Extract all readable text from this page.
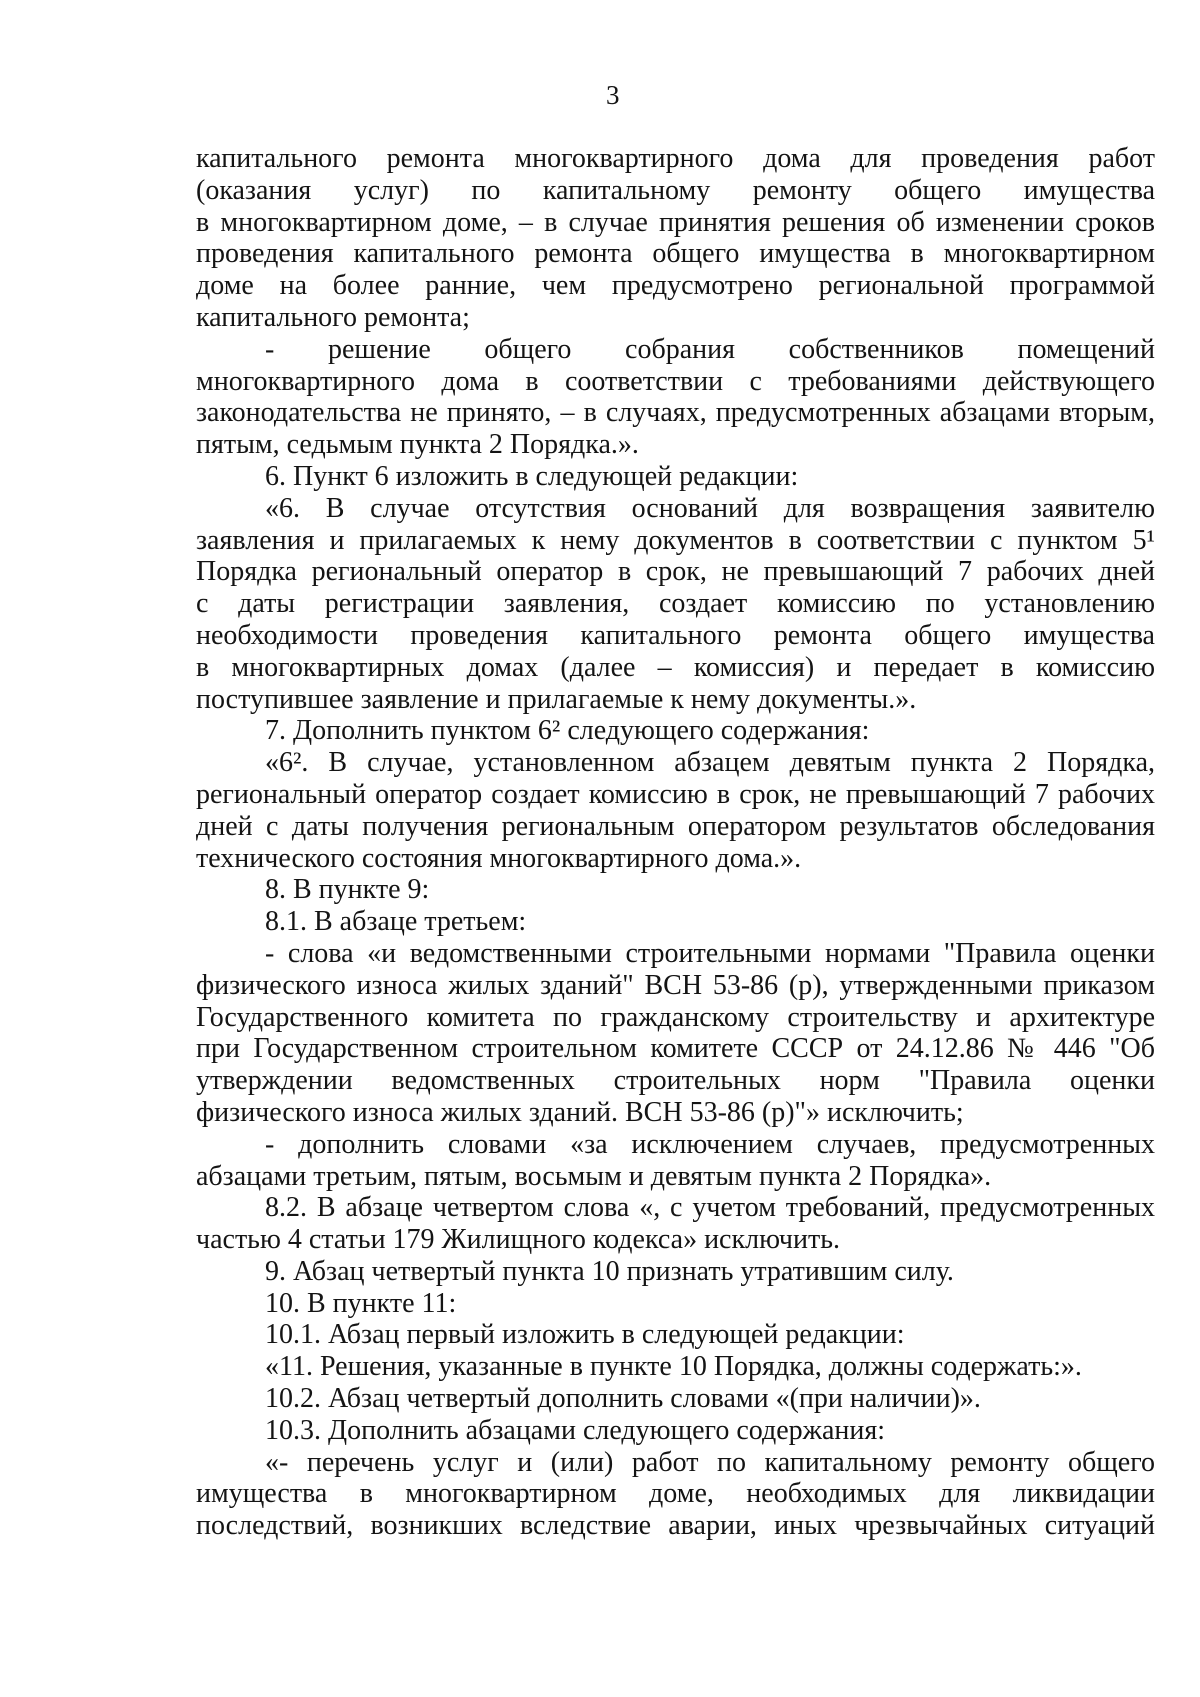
3
капитального ремонта многоквартирного дома для проведения работ
(оказания услуг) по капитальному ремонту общего имущества
в многоквартирном доме, – в случае принятия решения об изменении сроков
проведения капитального ремонта общего имущества в многоквартирном
доме на более ранние, чем предусмотрено региональной программой
капитального ремонта;
- решение общего собрания собственников помещений
многоквартирного дома в соответствии с требованиями действующего
законодательства не принято, – в случаях, предусмотренных абзацами вторым,
пятым, седьмым пункта 2 Порядка.».
6. Пункт 6 изложить в следующей редакции:
«6. В случае отсутствия оснований для возвращения заявителю
заявления и прилагаемых к нему документов в соответствии с пунктом 5¹
Порядка региональный оператор в срок, не превышающий 7 рабочих дней
с даты регистрации заявления, создает комиссию по установлению
необходимости проведения капитального ремонта общего имущества
в многоквартирных домах (далее – комиссия) и передает в комиссию
поступившее заявление и прилагаемые к нему документы.».
7. Дополнить пунктом 6² следующего содержания:
«6². В случае, установленном абзацем девятым пункта 2 Порядка,
региональный оператор создает комиссию в срок, не превышающий 7 рабочих
дней с даты получения региональным оператором результатов обследования
технического состояния многоквартирного дома.».
8. В пункте 9:
8.1. В абзаце третьем:
- слова «и ведомственными строительными нормами "Правила оценки
физического износа жилых зданий" ВСН 53-86 (р), утвержденными приказом
Государственного комитета по гражданскому строительству и архитектуре
при Государственном строительном комитете СССР от 24.12.86 № 446 "Об
утверждении ведомственных строительных норм "Правила оценки
физического износа жилых зданий. ВСН 53-86 (р)"» исключить;
- дополнить словами «за исключением случаев, предусмотренных
абзацами третьим, пятым, восьмым и девятым пункта 2 Порядка».
8.2. В абзаце четвертом слова «, с учетом требований, предусмотренных
частью 4 статьи 179 Жилищного кодекса» исключить.
9. Абзац четвертый пункта 10 признать утратившим силу.
10. В пункте 11:
10.1. Абзац первый изложить в следующей редакции:
«11. Решения, указанные в пункте 10 Порядка, должны содержать:».
10.2. Абзац четвертый дополнить словами «(при наличии)».
10.3. Дополнить абзацами следующего содержания:
«- перечень услуг и (или) работ по капитальному ремонту общего
имущества в многоквартирном доме, необходимых для ликвидации
последствий, возникших вследствие аварии, иных чрезвычайных ситуаций
